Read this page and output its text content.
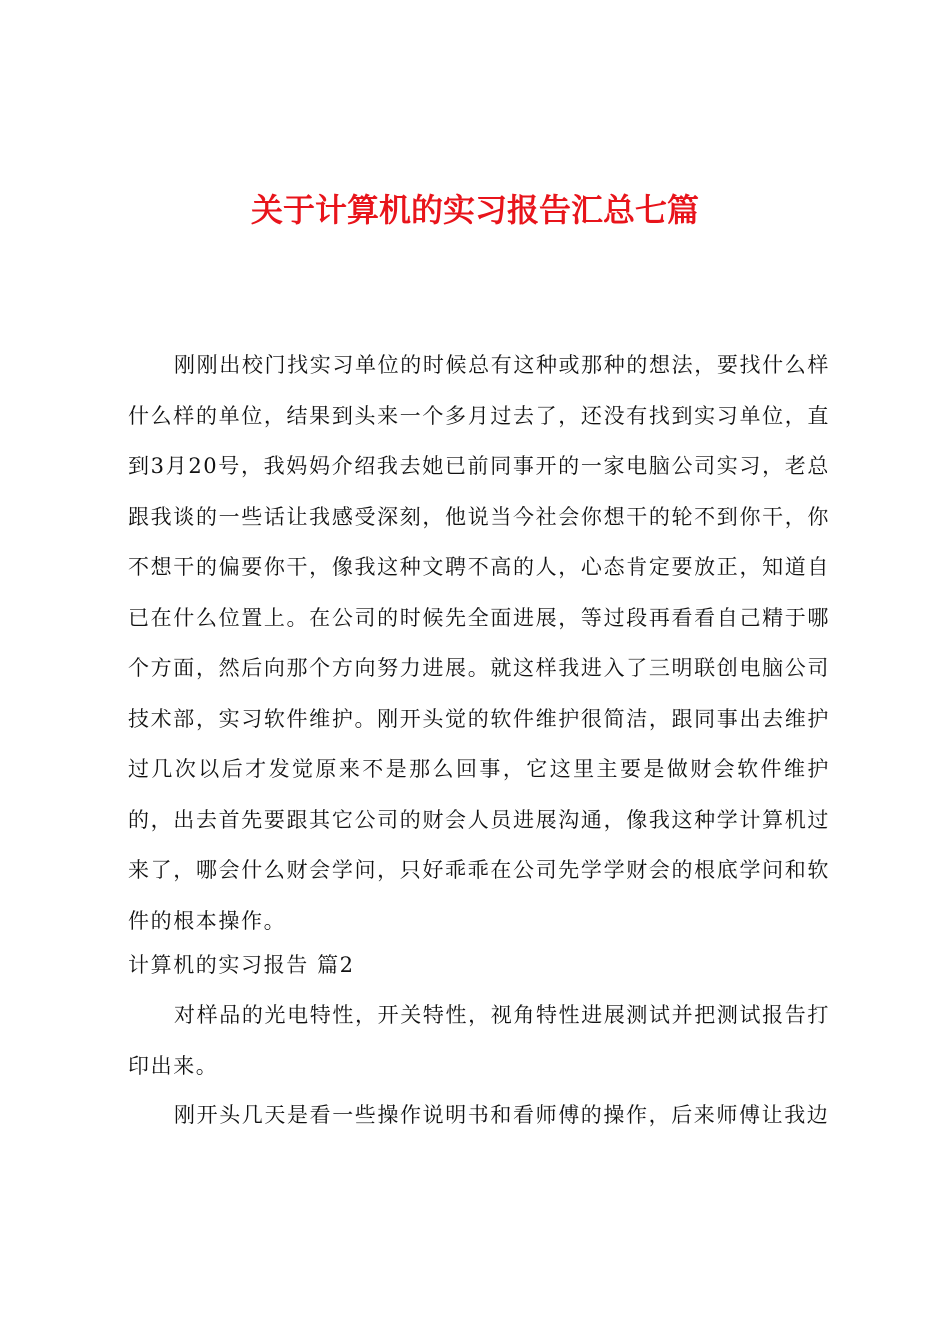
关于计算机的实习报告汇总七篇

刚刚出校门找实习单位的时候总有这种或那种的想法，要找什么样什么样的单位，结果到头来一个多月过去了，还没有找到实习单位，直到3月20号，我妈妈介绍我去她已前同事开的一家电脑公司实习，老总跟我谈的一些话让我感受深刻，他说当今社会你想干的轮不到你干，你不想干的偏要你干，像我这种文聘不高的人，心态肯定要放正，知道自已在什么位置上。在公司的时候先全面进展，等过段再看看自己精于哪个方面，然后向那个方向努力进展。就这样我进入了三明联创电脑公司技术部，实习软件维护。刚开头觉的软件维护很简洁，跟同事出去维护过几次以后才发觉原来不是那么回事，它这里主要是做财会软件维护的，出去首先要跟其它公司的财会人员进展沟通，像我这种学计算机过来了，哪会什么财会学问，只好乖乖在公司先学学财会的根底学问和软件的根本操作。

计算机的实习报告 篇2

对样品的光电特性，开关特性，视角特性进展测试并把测试报告打印出来。

刚开头几天是看一些操作说明书和看师傅的操作，后来师傅让我边
